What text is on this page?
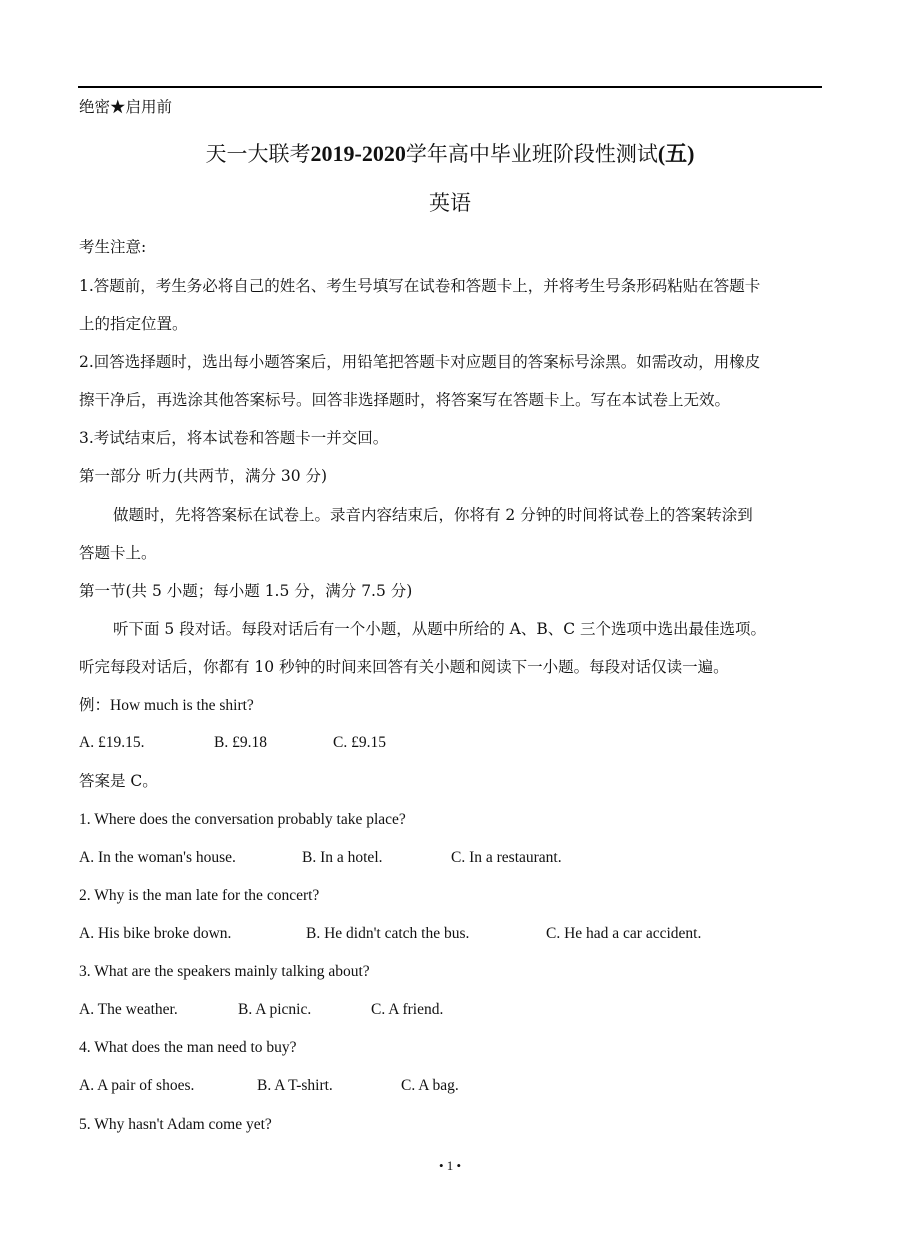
绝密★启用前
天一大联考2019-2020学年高中毕业班阶段性测试(五)
英语
考生注意:
1.答题前，考生务必将自己的姓名、考生号填写在试卷和答题卡上，并将考生号条形码粘贴在答题卡
上的指定位置。
2.回答选择题时，选出每小题答案后，用铅笔把答题卡对应题目的答案标号涂黑。如需改动，用橡皮
擦干净后，再选涂其他答案标号。回答非选择题时，将答案写在答题卡上。写在本试卷上无效。
3.考试结束后，将本试卷和答题卡一并交回。
第一部分 听力(共两节，满分 30 分)
做题时，先将答案标在试卷上。录音内容结束后，你将有 2 分钟的时间将试卷上的答案转涂到
答题卡上。
第一节(共 5 小题；每小题 1.5 分，满分 7.5 分)
听下面 5 段对话。每段对话后有一个小题，从题中所给的 A、B、C 三个选项中选出最佳选项。
听完每段对话后，你都有 10 秒钟的时间来回答有关小题和阅读下一小题。每段对话仅读一遍。
例：How much is the shirt?
A. £19.15.	B. £9.18	C. £9.15
答案是 C。
1. Where does the conversation probably take place?
A. In the woman's house.	B. In a hotel.	C. In a restaurant.
2. Why is the man late for the concert?
A. His bike broke down.	B. He didn't catch the bus.	C. He had a car accident.
3. What are the speakers mainly talking about?
A. The weather.	B. A picnic.	C. A friend.
4. What does the man need to buy?
A. A pair of shoes.	B. A T-shirt.	C. A bag.
5. Why hasn't Adam come yet?
• 1 •
